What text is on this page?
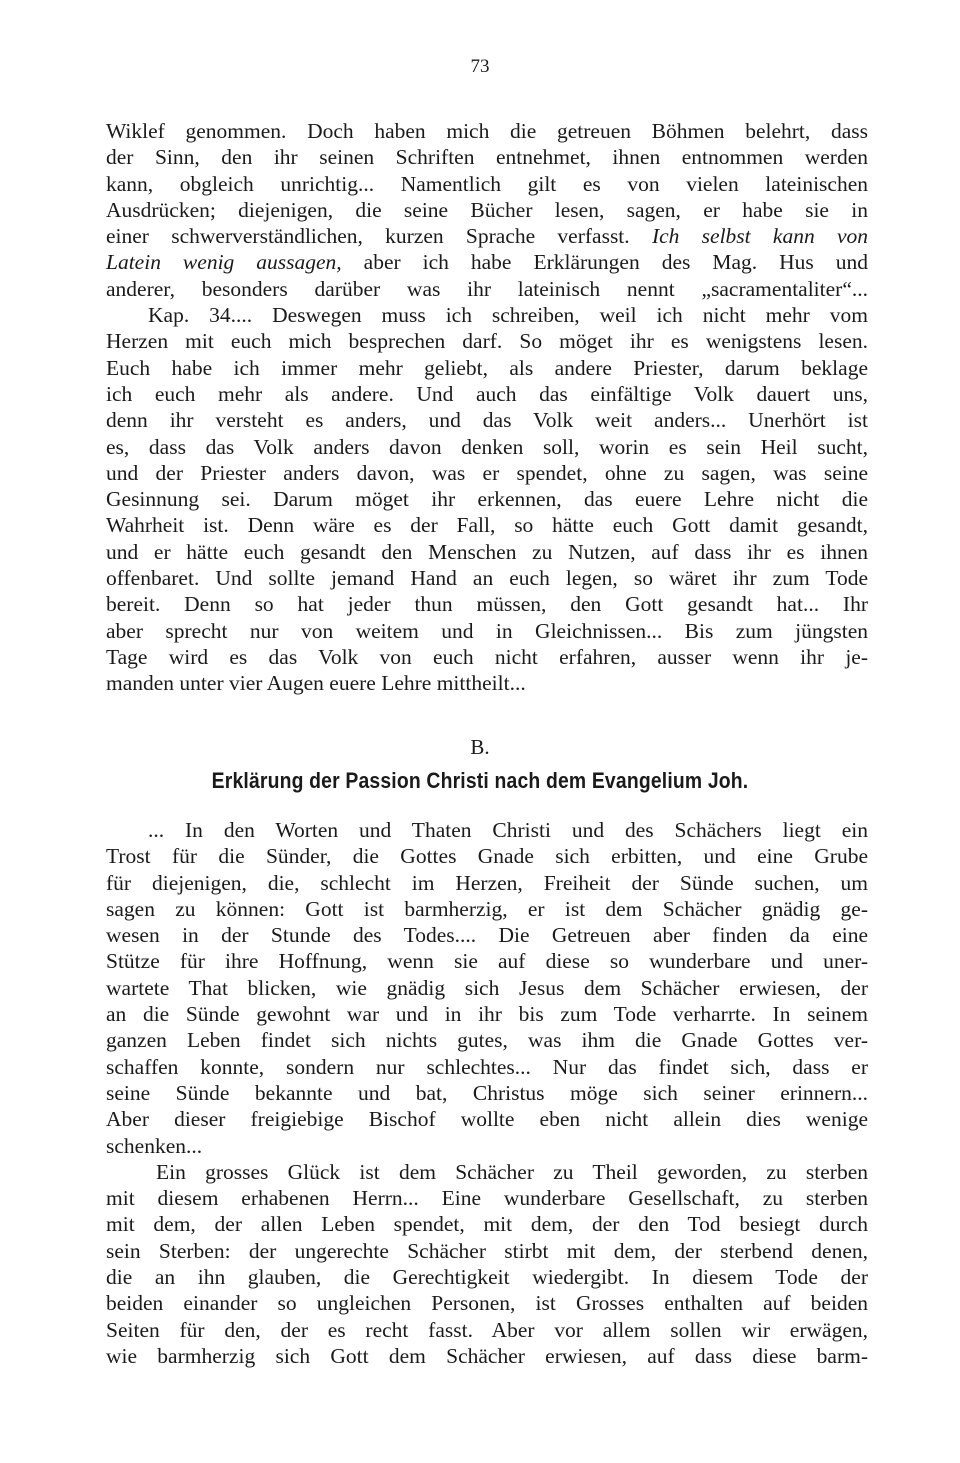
73
Wiklef genommen. Doch haben mich die getreuen Böhmen belehrt, dass
der Sinn, den ihr seinen Schriften entnehmet, ihnen entnommen werden
kann, obgleich unrichtig... Namentlich gilt es von vielen lateinischen
Ausdrücken; diejenigen, die seine Bücher lesen, sagen, er habe sie in
einer schwerverständlichen, kurzen Sprache verfasst. Ich selbst kann von
Latein wenig aussagen, aber ich habe Erklärungen des Mag. Hus und
anderer, besonders darüber was ihr lateinisch nennt „sacramentaliter“...
Kap. 34.... Deswegen muss ich schreiben, weil ich nicht mehr vom
Herzen mit euch mich besprechen darf. So möget ihr es wenigstens lesen.
Euch habe ich immer mehr geliebt, als andere Priester, darum beklage
ich euch mehr als andere. Und auch das einfältige Volk dauert uns,
denn ihr versteht es anders, und das Volk weit anders... Unerhört ist
es, dass das Volk anders davon denken soll, worin es sein Heil sucht,
und der Priester anders davon, was er spendet, ohne zu sagen, was seine
Gesinnung sei. Darum möget ihr erkennen, das euere Lehre nicht die
Wahrheit ist. Denn wäre es der Fall, so hätte euch Gott damit gesandt,
und er hätte euch gesandt den Menschen zu Nutzen, auf dass ihr es ihnen
offenbaret. Und sollte jemand Hand an euch legen, so wäret ihr zum Tode
bereit. Denn so hat jeder thun müssen, den Gott gesandt hat... Ihr
aber sprecht nur von weitem und in Gleichnissen... Bis zum jüngsten
Tage wird es das Volk von euch nicht erfahren, ausser wenn ihr je-
manden unter vier Augen euere Lehre mittheilt...
B.
Erklärung der Passion Christi nach dem Evangelium Joh.
... In den Worten und Thaten Christi und des Schächers liegt ein
Trost für die Sünder, die Gottes Gnade sich erbitten, und eine Grube
für diejenigen, die, schlecht im Herzen, Freiheit der Sünde suchen, um
sagen zu können: Gott ist barmherzig, er ist dem Schächer gnädig ge-
wesen in der Stunde des Todes.... Die Getreuen aber finden da eine
Stütze für ihre Hoffnung, wenn sie auf diese so wunderbare und uner-
wartete That blicken, wie gnädig sich Jesus dem Schächer erwiesen, der
an die Sünde gewohnt war und in ihr bis zum Tode verharrte. In seinem
ganzen Leben findet sich nichts gutes, was ihm die Gnade Gottes ver-
schaffen konnte, sondern nur schlechtes... Nur das findet sich, dass er
seine Sünde bekannte und bat, Christus möge sich seiner erinnern...
Aber dieser freigiebige Bischof wollte eben nicht allein dies wenige
schenken...
Ein grosses Glück ist dem Schächer zu Theil geworden, zu sterben
mit diesem erhabenen Herrn... Eine wunderbare Gesellschaft, zu sterben
mit dem, der allen Leben spendet, mit dem, der den Tod besiegt durch
sein Sterben: der ungerechte Schächer stirbt mit dem, der sterbend denen,
die an ihn glauben, die Gerechtigkeit wiedergibt. In diesem Tode der
beiden einander so ungleichen Personen, ist Grosses enthalten auf beiden
Seiten für den, der es recht fasst. Aber vor allem sollen wir erwägen,
wie barmherzig sich Gott dem Schächer erwiesen, auf dass diese barm-
